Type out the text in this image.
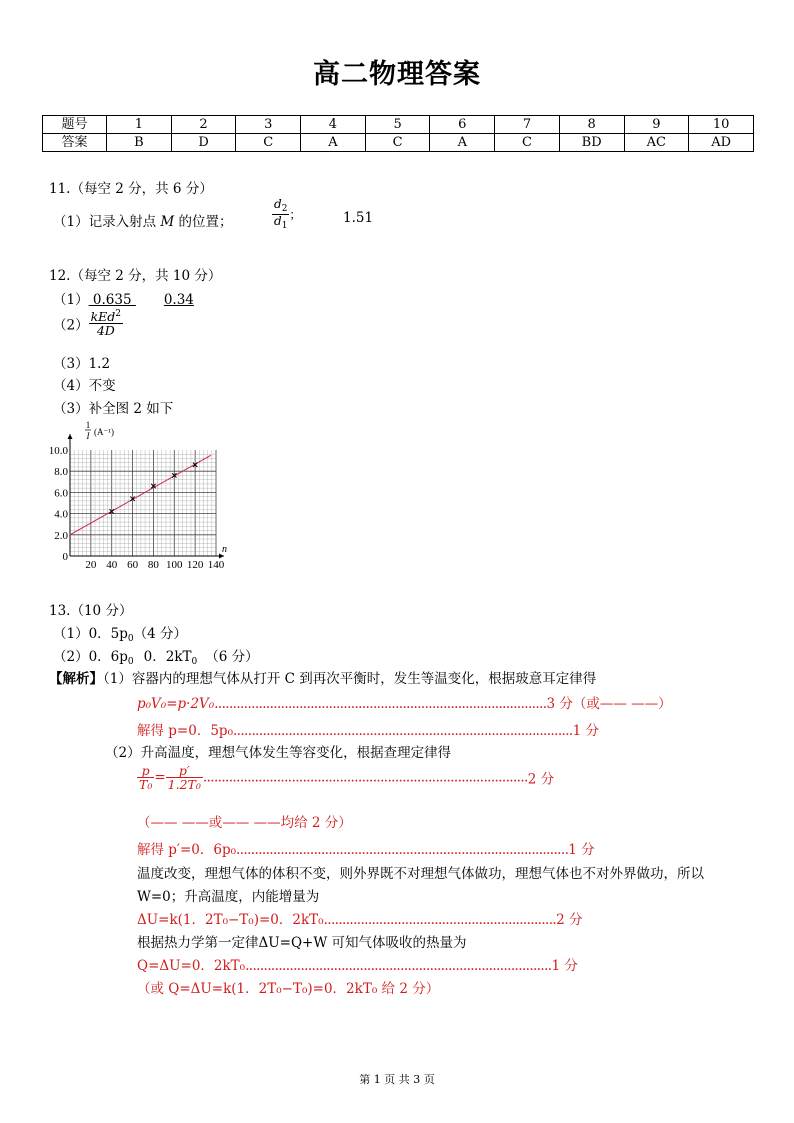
高二物理答案
题号	1	2	3	4	5	6	7	8	9	10
答案	B	D	C	A	C	A	C	BD	AC	AD
11.（每空 2 分，共 6 分）
（1）记录入射点 M 的位置；	$\frac{d_2}{d_1}$ ；	1.51
12.（每空 2 分，共 10 分）
（1） 0.635 0.34
$(2) \frac{kEd^2}{4D}$
（3）1.2
（4）不变
（3）补全图 2 如下
20 40 60 80 100 120 140
10.0
8.0
6.0
4.0
2.0
0
n
1
I (A⁻¹)
13.（10 分）
（1）0．$5p_0(4$ 分）
（2）0．$6p_0$ 0．$2kT_0$ （6 分）
【解析】（1）容器内的理想气体从打开 C 到再次平衡时，发生等温变化，根据玻意耳定律得
p₀V₀=p·2V₀..........................................................................................3 分（或—— ——）
解得 p=0．5p₀............................................................................................1 分
（2）升高温度，理想气体发生等容变化，根据查理定律得
$\frac{p}{\text{T₀}} = \frac{p'}{\text{1.2T₀}} ........................................................................................2$ 分
（—— ——或—— ——均给 2 分）
解得 p′=0．6p₀..........................................................................................1 分
温度改变，理想气体的体积不变，则外界既不对理想气体做功，理想气体也不对外界做功，所以
W=0；升高温度，内能增量为
ΔU=k(1．2T₀−T₀)=0．2kT₀...............................................................2 分
根据热力学第一定律ΔU=Q+W 可知气体吸收的热量为
Q=ΔU=0．2kT₀...................................................................................1 分
（或 Q=ΔU=k(1．2T₀−T₀)=0．2kT₀ 给 2 分）
第 1 页 共 3 页
